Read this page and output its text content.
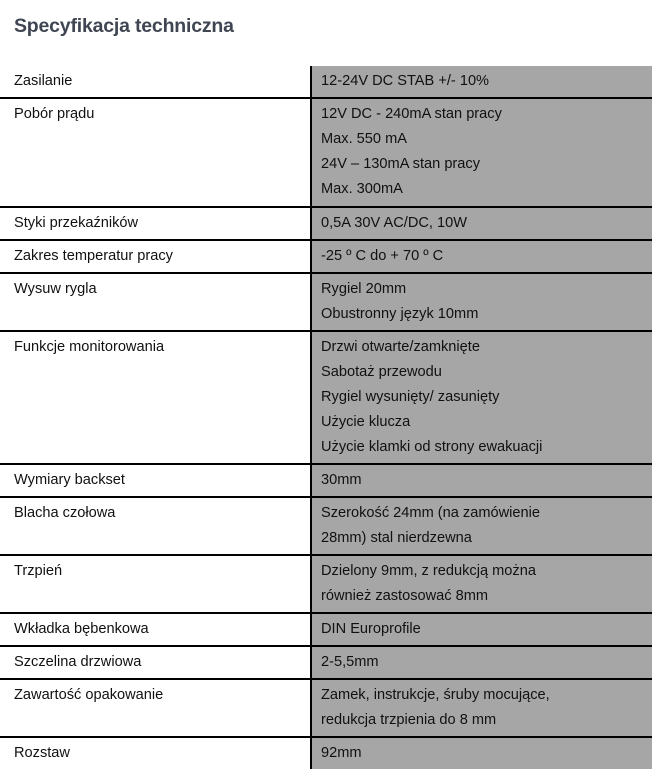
Specyfikacja techniczna
Zasilanie	12-24V DC STAB +/- 10%

Pobór prądu	12V DC - 240mA stan pracy
Max. 550 mA
24V – 130mA stan pracy
Max. 300mA

Styki przekaźników	0,5A 30V AC/DC, 10W

Zakres temperatur pracy	-25 º C do + 70 º C

Wysuw rygla	Rygiel 20mm
Obustronny język 10mm

Funkcje monitorowania	Drzwi otwarte/zamknięte
Sabotaż przewodu
Rygiel wysunięty/ zasunięty
Użycie klucza
Użycie klamki od strony ewakuacji

Wymiary backset	30mm

Blacha czołowa	Szerokość 24mm (na zamówienie
28mm) stal nierdzewna

Trzpień	Dzielony 9mm, z redukcją można
również zastosować 8mm

Wkładka bębenkowa	DIN Europrofile

Szczelina drzwiowa	2-5,5mm

Zawartość opakowanie	Zamek, instrukcje, śruby mocujące,
redukcja trzpienia do 8 mm

Rozstaw	92mm
